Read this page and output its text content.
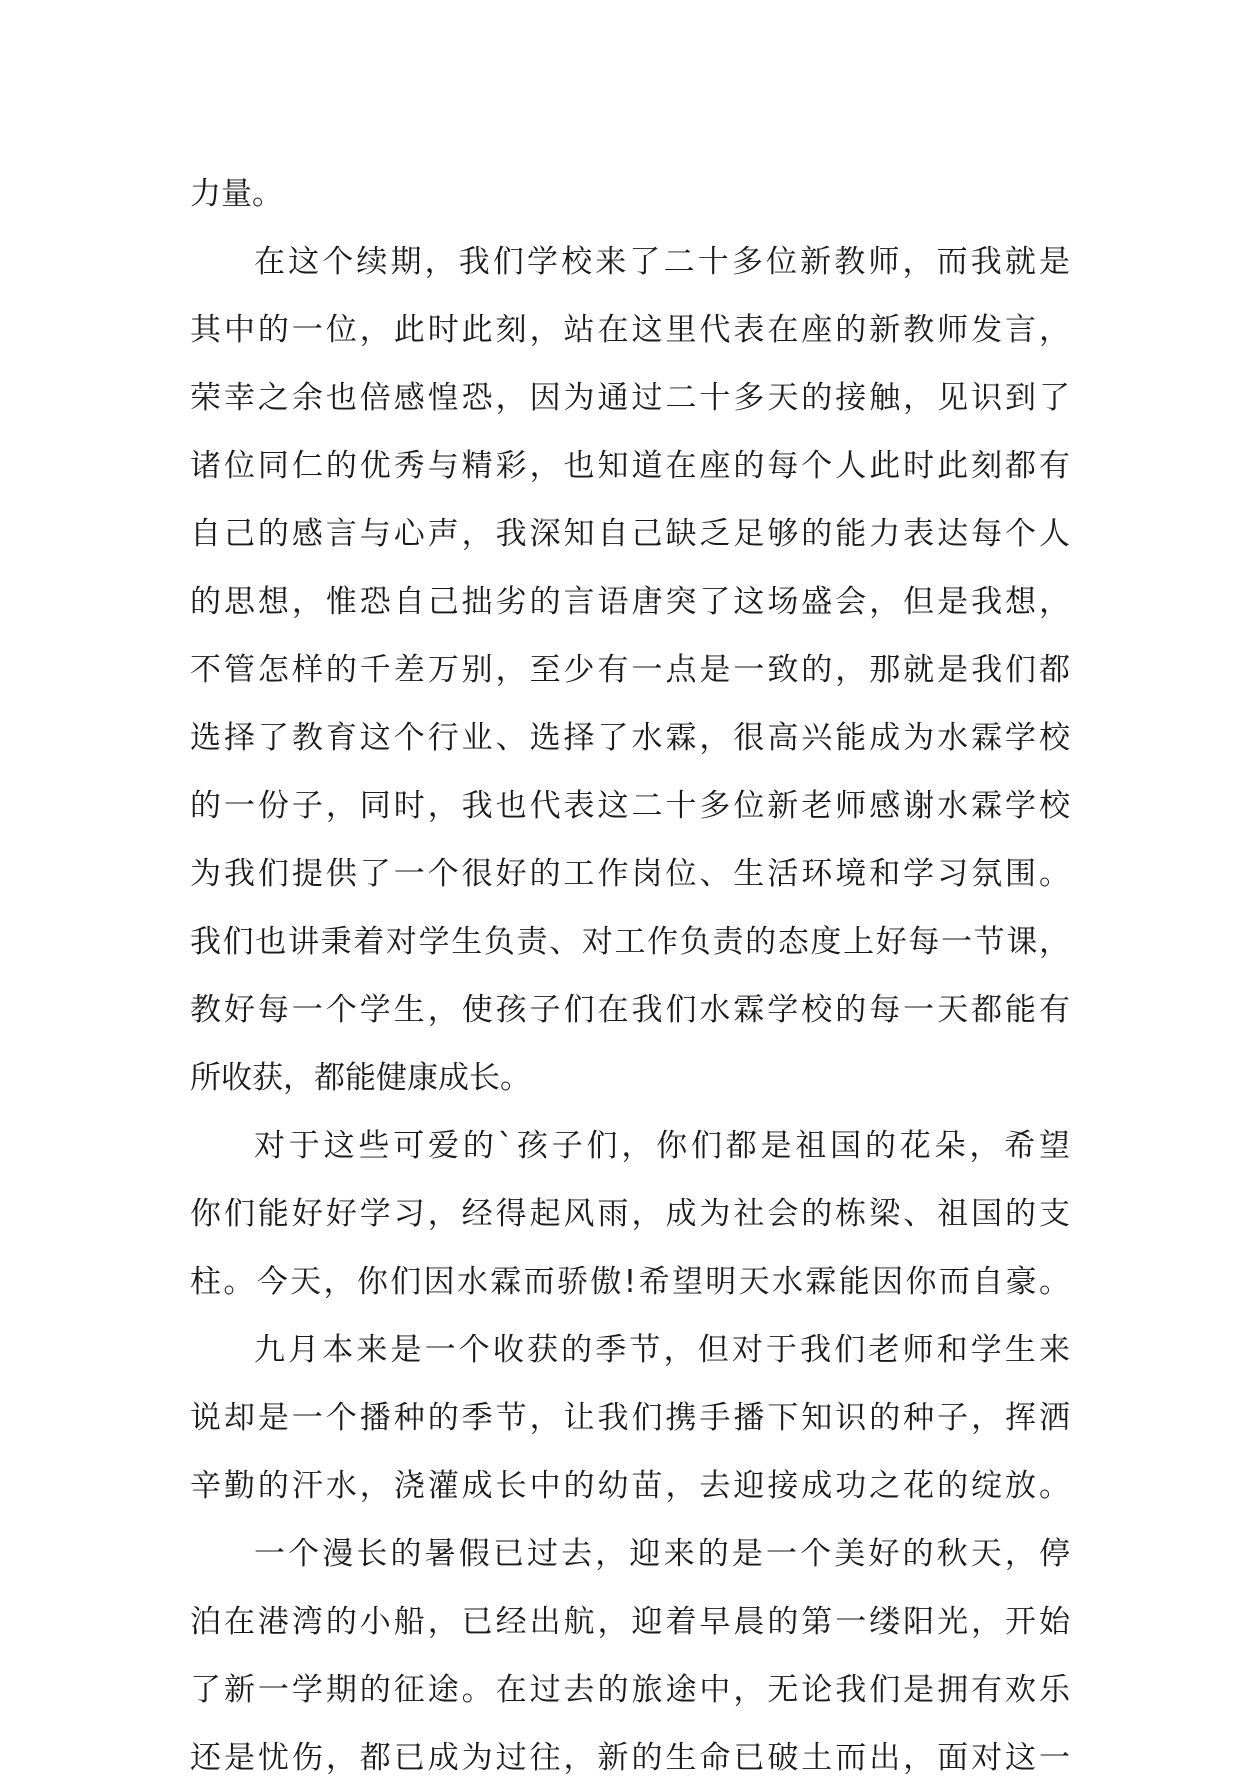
力量。
在这个续期，我们学校来了二十多位新教师，而我就是
其中的一位，此时此刻，站在这里代表在座的新教师发言，
荣幸之余也倍感惶恐，因为通过二十多天的接触，见识到了
诸位同仁的优秀与精彩，也知道在座的每个人此时此刻都有
自己的感言与心声，我深知自己缺乏足够的能力表达每个人
的思想，惟恐自己拙劣的言语唐突了这场盛会，但是我想，
不管怎样的千差万别，至少有一点是一致的，那就是我们都
选择了教育这个行业、选择了水霖，很高兴能成为水霖学校
的一份子，同时，我也代表这二十多位新老师感谢水霖学校
为我们提供了一个很好的工作岗位、生活环境和学习氛围。
我们也讲秉着对学生负责、对工作负责的态度上好每一节课，
教好每一个学生，使孩子们在我们水霖学校的每一天都能有
所收获，都能健康成长。
对于这些可爱的`孩子们，你们都是祖国的花朵，希望
你们能好好学习，经得起风雨，成为社会的栋梁、祖国的支
柱。今天，你们因水霖而骄傲!希望明天水霖能因你而自豪。
九月本来是一个收获的季节，但对于我们老师和学生来
说却是一个播种的季节，让我们携手播下知识的种子，挥洒
辛勤的汗水，浇灌成长中的幼苗，去迎接成功之花的绽放。
一个漫长的暑假已过去，迎来的是一个美好的秋天，停
泊在港湾的小船，已经出航，迎着早晨的第一缕阳光，开始
了新一学期的征途。在过去的旅途中，无论我们是拥有欢乐
还是忧伤，都已成为过往，新的生命已破土而出，面对这一
